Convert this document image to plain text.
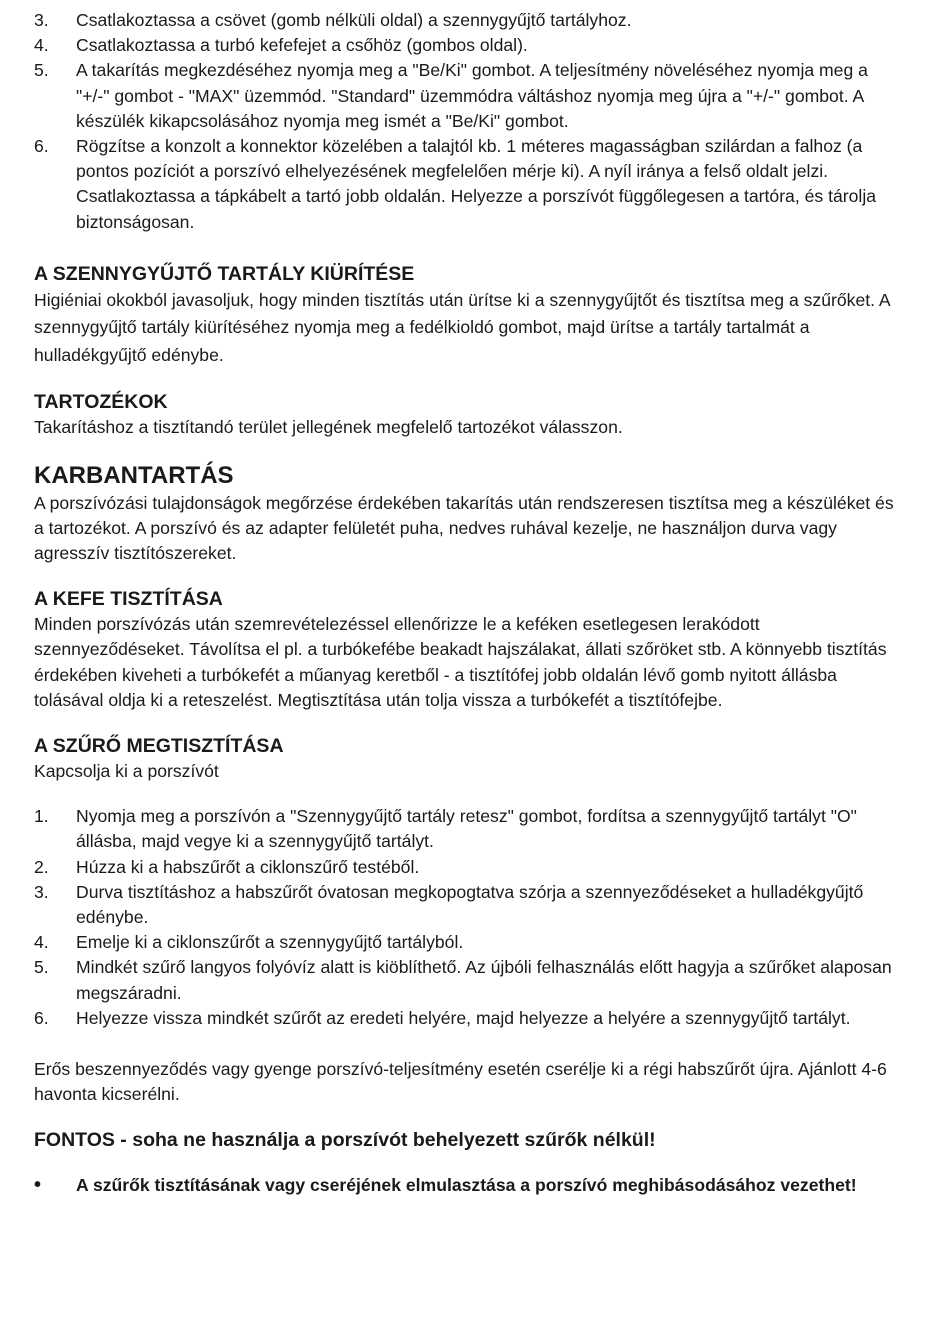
3.	Csatlakoztassa a csövet (gomb nélküli oldal) a szennygyűjtő tartályhoz.
4.	Csatlakoztassa a turbó kefefejet a csőhöz (gombos oldal).
5.	A takarítás megkezdéséhez nyomja meg a "Be/Ki" gombot. A teljesítmény növeléséhez nyomja meg a "+/-" gombot - "MAX" üzemmód. "Standard" üzemmódra váltáshoz nyomja meg újra a "+/-" gombot. A készülék kikapcsolásához nyomja meg ismét a "Be/Ki" gombot.
6.	Rögzítse a konzolt a konnektor közelében a talajtól kb. 1 méteres magasságban szilárdan a falhoz (a pontos pozíciót a porszívó elhelyezésének megfelelően mérje ki). A nyíl iránya a felső oldalt jelzi. Csatlakoztassa a tápkábelt a tartó jobb oldalán. Helyezze a porszívót függőlegesen a tartóra, és tárolja biztonságosan.
A SZENNYGYŰJTŐ TARTÁLY KIÜRÍTÉSE

Higiéniai okokból javasoljuk, hogy minden tisztítás után ürítse ki a szennygyűjtőt és tisztítsa meg a szűrőket. A szennygyűjtő tartály kiürítéséhez nyomja meg a fedélkioldó gombot, majd ürítse a tartály tartalmát a hulladékgyűjtő edénybe.

TARTOZÉKOK

Takarításhoz a tisztítandó terület jellegének megfelelő tartozékot válasszon.

KARBANTARTÁS

A porszívózási tulajdonságok megőrzése érdekében takarítás után rendszeresen tisztítsa meg a készüléket és a tartozékot. A porszívó és az adapter felületét puha, nedves ruhával kezelje, ne használjon durva vagy agresszív tisztítószereket.

A KEFE TISZTÍTÁSA

Minden porszívózás után szemrevételezéssel ellenőrizze le a keféken esetlegesen lerakódott szennyeződéseket. Távolítsa el pl. a turbókefébe beakadt hajszálakat, állati szőröket stb. A könnyebb tisztítás érdekében kiveheti a turbókefét a műanyag keretből - a tisztítófej jobb oldalán lévő gomb nyitott állásba tolásával oldja ki a reteszelést. Megtisztítása után tolja vissza a turbókefét a tisztítófejbe.

A SZŰRŐ MEGTISZTÍTÁSA

Kapcsolja ki a porszívót

1.	Nyomja meg a porszívón a "Szennygyűjtő tartály retesz" gombot, fordítsa a szennygyűjtő tartályt "O" állásba, majd vegye ki a szennygyűjtő tartályt.
2.	Húzza ki a habszűrőt a ciklonszűrő testéből.
3.	Durva tisztításhoz a habszűrőt óvatosan megkopogtatva szórja a szennyeződéseket a hulladékgyűjtő edénybe.
4.	Emelje ki a ciklonszűrőt a szennygyűjtő tartályból.
5.	Mindkét szűrő langyos folyóvíz alatt is kiöblíthető. Az újbóli felhasználás előtt hagyja a szűrőket alaposan megszáradni.
6.	Helyezze vissza mindkét szűrőt az eredeti helyére, majd helyezze a helyére a szennygyűjtő tartályt.

Erős beszennyeződés vagy gyenge porszívó-teljesítmény esetén cserélje ki a régi habszűrőt újra. Ajánlott 4-6 havonta kicserélni.

FONTOS - soha ne használja a porszívót behelyezett szűrők nélkül!
•	A szűrők tisztításának vagy cseréjének elmulasztása a porszívó meghibásodásához vezethet!
